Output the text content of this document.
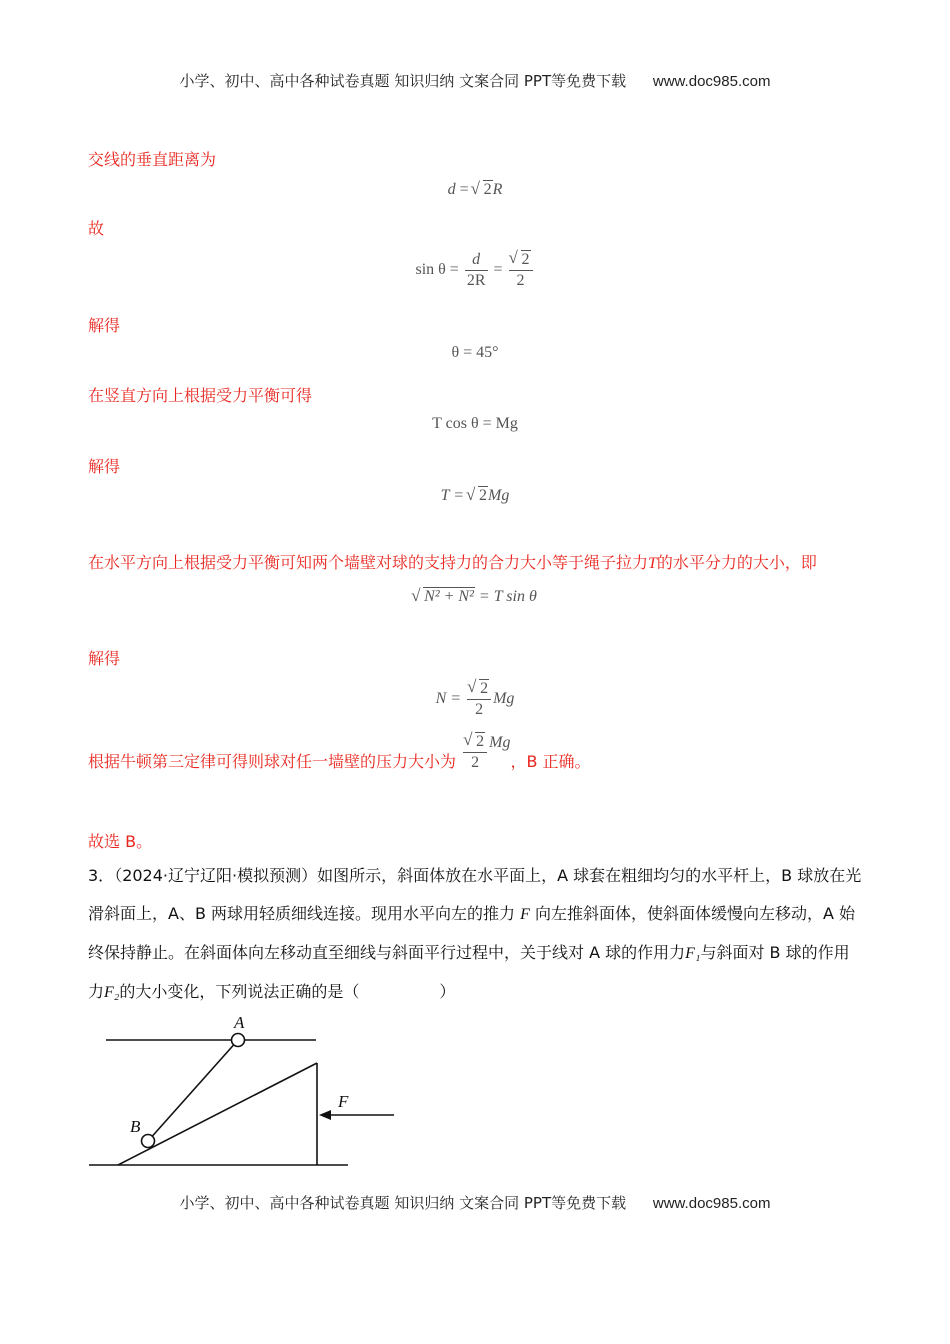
小学、初中、高中各种试卷真题 知识归纳 文案合同 PPT等免费下载 www.doc985.com
交线的垂直距离为
d = √ 2R
故
$\sin \theta = \frac{d}{2R}$ = √ $\frac{2}{2}$
解得
θ = 45°
在竖直方向上根据受力平衡可得
T cos θ = Mg
解得
T = √ 2Mg
在水平方向上根据受力平衡可知两个墙壁对球的支持力的合力大小等于绳子拉力T的水平分力的大小，即
√ N² + N² = T sin θ
解得
N = √ $\frac{2}{2}$ Mg
根据牛顿第三定律可得则球对任一墙壁的压力大小为 √ $\frac{2}{2}$ Mg，B 正确。
故选 B。
3．（2024·辽宁辽阳·模拟预测）如图所示，斜面体放在水平面上，A 球套在粗细均匀的水平杆上，B 球放在光滑斜面上，A、B 两球用轻质细线连接。现用水平向左的推力 F 向左推斜面体，使斜面体缓慢向左移动，A 始终保持静止。在斜面体向左移动直至细线与斜面平行过程中，关于线对 A 球的作用力F₁与斜面对 B 球的作用力F₂的大小变化，下列说法正确的是（　　　　　）
A
B
F
小学、初中、高中各种试卷真题 知识归纳 文案合同 PPT等免费下载 www.doc985.com
